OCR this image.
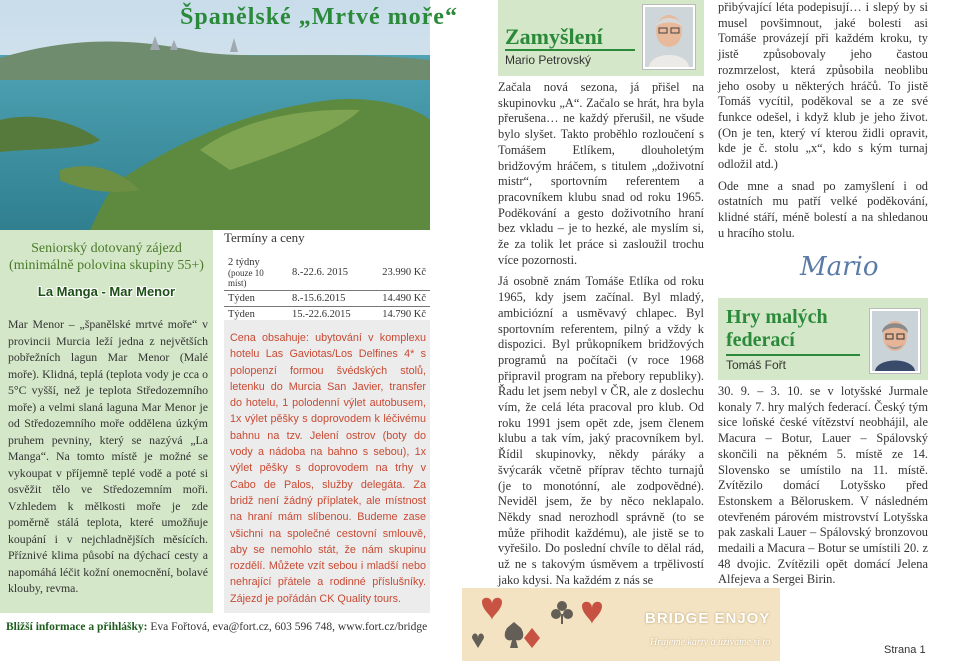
Španělské „Mrtvé moře“
Seniorský dotovaný zájezd (minimálně polovina skupiny 55+)
La Manga - Mar Menor
Mar Menor – „španělské mrtvé moře“ v provincii Murcia leží jedna z největších pobřežních lagun Mar Menor (Malé moře). Klidná, teplá (teplota vody je cca o 5°C vyšší, než je teplota Středozemního moře) a velmi slaná laguna Mar Menor je od Středozemního moře oddělena úzkým pruhem pevniny, který se nazývá „La Manga“. Na tomto místě je možné se vykoupat v příjemně teplé vodě a poté si osvěžit tělo ve Středozemním moři. Vzhledem k mělkosti moře je zde poměrně stálá teplota, které umožňuje koupání i v nejchladnějších měsících. Příznivé klima působí na dýchací cesty a napomáhá léčit kožní onemocnění, bolavé klouby, revma.
Termíny a ceny
2 týdny
(pouze 10 míst)	8.-22.6. 2015	23.990 Kč
Týden	8.-15.6.2015	14.490 Kč
Týden	15.-22.6.2015	14.790 Kč
Cena obsahuje: ubytování v komplexu hotelu Las Gaviotas/Los Delfines 4* s polopenzí formou švédských stolů, letenku do Murcia San Javier, transfer do hotelu, 1 polodenní výlet autobusem, 1x výlet pěšky s doprovodem k léčivému bahnu na tzv. Jelení ostrov (boty do vody a nádoba na bahno s sebou), 1x výlet pěšky s doprovodem na trhy v Cabo de Palos, služby delegáta. Za bridž není žádný příplatek, ale místnost na hraní mám slíbenou. Budeme zase všichni na společné cestovní smlouvě, aby se nemohlo stát, že nám skupinu rozdělí. Můžete vzít sebou i mladší nebo nehrající přátele a rodinné příslušníky. Zájezd je pořádán CK Quality tours.
Bližší informace a přihlášky: Eva Fořtová, eva@fort.cz, 603 596 748, www.fort.cz/bridge
Zamyšlení
Mario Petrovský

Začala nová sezona, já přišel na skupinovku „A“. Začalo se hrát, hra byla přerušena… ne každý přerušil, ne všude bylo slyšet. Takto proběhlo rozloučení s Tomášem Etlíkem, dlouholetým bridžovým hráčem, s titulem „doživotní mistr“, sportovním referentem a pracovníkem klubu snad od roku 1965. Poděkování a gesto doživotního hraní bez vkladu – je to hezké, ale myslím si, že za tolik let práce si zasloužil trochu více pozornosti.

Já osobně znám Tomáše Etlíka od roku 1965, kdy jsem začínal. Byl mladý, ambiciózní a usměvavý chlapec. Byl sportovním referentem, pilný a vždy k dispozici. Byl průkopníkem bridžových programů na počítači (v roce 1968 připravil program na přebory republiky). Řadu let jsem nebyl v ČR, ale z doslechu vím, že celá léta pracoval pro klub. Od roku 1991 jsem opět zde, jsem členem klubu a tak vím, jaký pracovníkem byl. Řídil skupinovky, někdy páráky a švýcarák včetně příprav těchto turnajů (je to monotónní, ale zodpovědné). Neviděl jsem, že by něco neklapalo. Někdy snad nerozhodl správně (to se může přihodit každému), ale jistě se to vyřešilo. Do poslední chvíle to dělal rád, už ne s takovým úsměvem a trpělivostí jako kdysi. Na každém z nás se

přibývající léta podepisují… i slepý by si musel povšimnout, jaké bolesti asi Tomáše provázejí při každém kroku, ty jistě způsobovaly jeho častou rozmrzelost, která způsobila neoblibu jeho osoby u některých hráčů. To jistě Tomáš vycítil, poděkoval se a ze své funkce odešel, i když klub je jeho život. (On je ten, který ví kterou židli opravit, kde je č. stolu „x“, kdo s kým turnaj odložil atd.)

Ode mne a snad po zamyšlení i od ostatních mu patří velké poděkování, klidné stáří, méně bolestí a na shledanou u hracího stolu.

Mario
Hry malých federací
Tomáš Fořt
30. 9. – 3. 10. se v lotyšské Jurmale konaly 7. hry malých federací. Český tým sice loňské české vítězství neobhájil, ale Macura – Botur, Lauer – Spálovský skončili na pěkném 5. místě ze 14. Slovensko se umístilo na 11. místě. Zvítězilo domácí Lotyšsko před Estonskem a Běloruskem. V následném otevřeném párovém mistrovství Lotyšska pak zaskali Lauer – Spálovský bronzovou medaili a Macura – Botur se umístili 20. z 48 dvojic. Zvítězili opět domácí Jelena Alfejeva a Sergei Birin.
BRIDGE ENJOY
Hrajeme karty a užíváme si to
Strana 1
